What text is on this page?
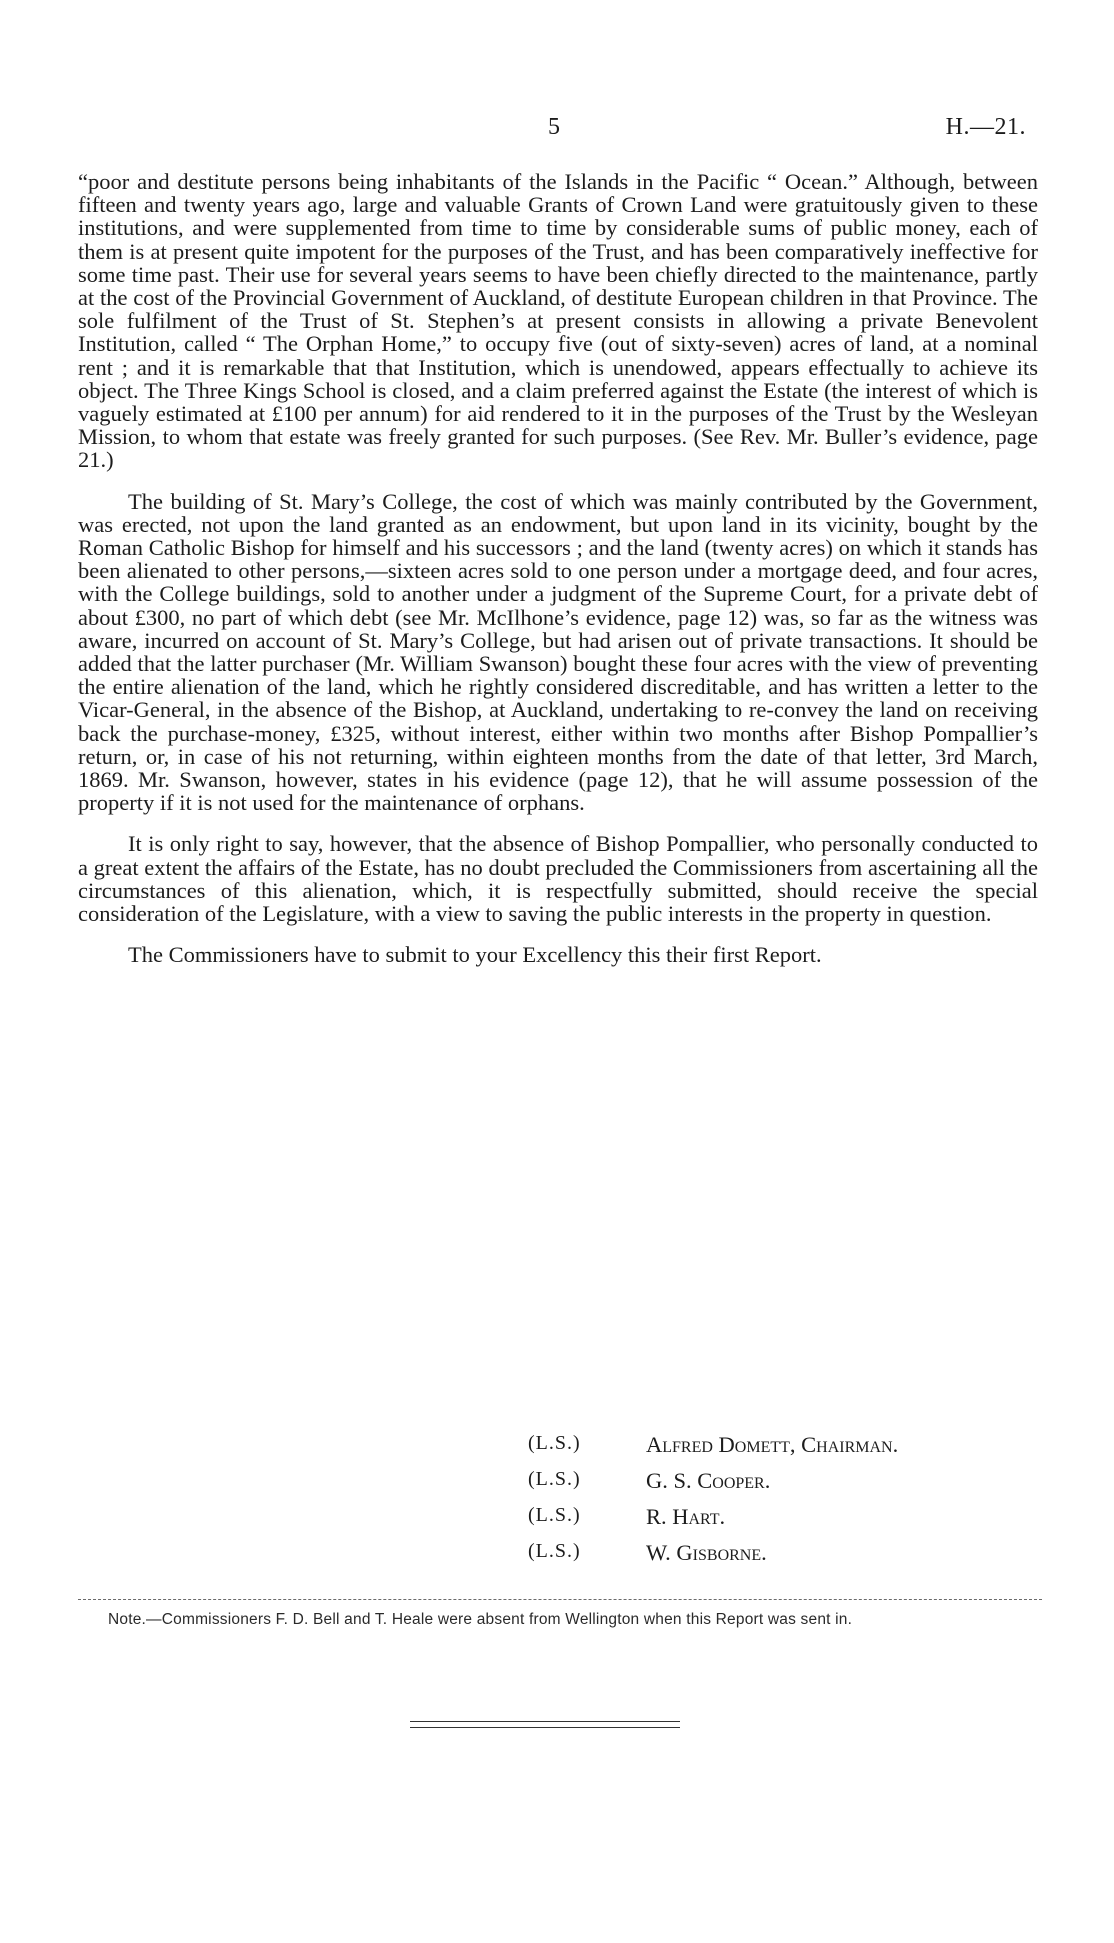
5	H.—21.

“poor and destitute persons being inhabitants of the Islands in the Pacific “ Ocean.” Although, between fifteen and twenty years ago, large and valuable Grants of Crown Land were gratuitously given to these institutions, and were supplemented from time to time by considerable sums of public money, each of them is at present quite impotent for the purposes of the Trust, and has been comparatively ineffective for some time past. Their use for several years seems to have been chiefly directed to the maintenance, partly at the cost of the Provincial Government of Auckland, of destitute European children in that Province. The sole fulfilment of the Trust of St. Stephen’s at present consists in allowing a private Benevolent Institution, called “ The Orphan Home,” to occupy five (out of sixty-seven) acres of land, at a nominal rent ; and it is remarkable that that Institution, which is unendowed, appears effectually to achieve its object. The Three Kings School is closed, and a claim preferred against the Estate (the interest of which is vaguely estimated at £100 per annum) for aid rendered to it in the purposes of the Trust by the Wesleyan Mission, to whom that estate was freely granted for such purposes. (See Rev. Mr. Buller’s evidence, page 21.)

The building of St. Mary’s College, the cost of which was mainly contributed by the Government, was erected, not upon the land granted as an endowment, but upon land in its vicinity, bought by the Roman Catholic Bishop for himself and his successors ; and the land (twenty acres) on which it stands has been alienated to other persons,—sixteen acres sold to one person under a mortgage deed, and four acres, with the College buildings, sold to another under a judgment of the Supreme Court, for a private debt of about £300, no part of which debt (see Mr. McIlhone’s evidence, page 12) was, so far as the witness was aware, incurred on account of St. Mary’s College, but had arisen out of private transactions. It should be added that the latter purchaser (Mr. William Swanson) bought these four acres with the view of preventing the entire alienation of the land, which he rightly considered discreditable, and has written a letter to the Vicar-General, in the absence of the Bishop, at Auckland, undertaking to re-convey the land on receiving back the purchase-money, £325, without interest, either within two months after Bishop Pompallier’s return, or, in case of his not returning, within eighteen months from the date of that letter, 3rd March, 1869. Mr. Swanson, however, states in his evidence (page 12), that he will assume possession of the property if it is not used for the maintenance of orphans.

It is only right to say, however, that the absence of Bishop Pompallier, who personally conducted to a great extent the affairs of the Estate, has no doubt precluded the Commissioners from ascertaining all the circumstances of this alienation, which, it is respectfully submitted, should receive the special consideration of the Legislature, with a view to saving the public interests in the property in question.

The Commissioners have to submit to your Excellency this their first Report.

(L.S.)	Alfred Domett, Chairman.
(L.S.)	G. S. Cooper.
(L.S.)	R. Hart.
(L.S.)	W. Gisborne.
Note.—Commissioners F. D. Bell and T. Heale were absent from Wellington when this Report was sent in.
